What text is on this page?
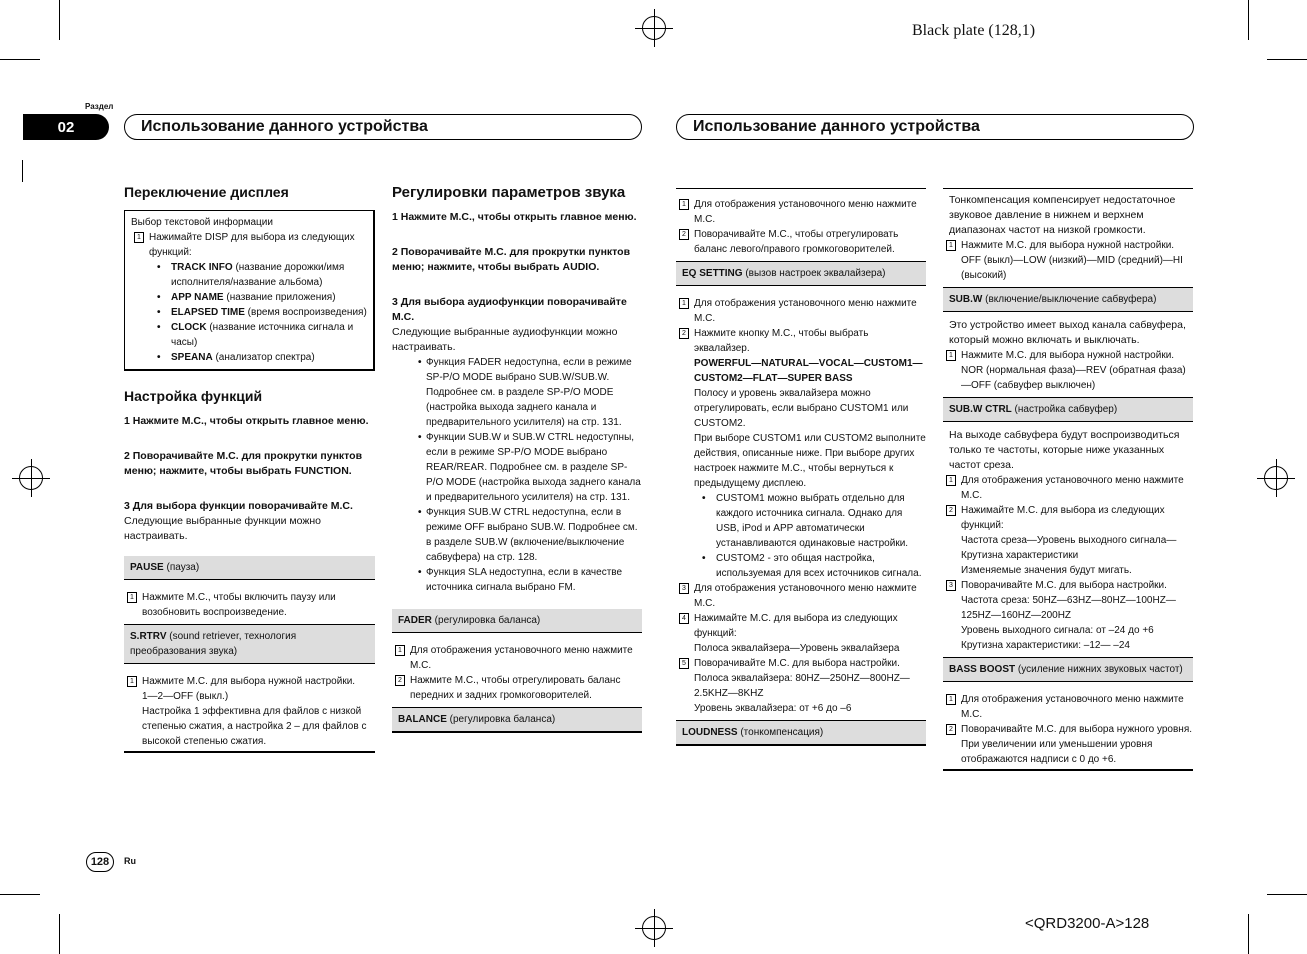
Black plate (128,1)
Раздел
02	Использование данного устройства	Использование данного устройства
Переключение дисплея
Выбор текстовой информации
1 Нажимайте DISP для выбора из следующих функций:
• TRACK INFO (название дорожки/имя исполнителя/название альбома)
• APP NAME (название приложения)
• ELAPSED TIME (время воспроизведения)
• CLOCK (название источника сигнала и часы)
• SPEANA (анализатор спектра)
Настройка функций
1 Нажмите M.C., чтобы открыть главное меню.
2 Поворачивайте M.C. для прокрутки пунктов меню; нажмите, чтобы выбрать FUNCTION.
3 Для выбора функции поворачивайте M.C.
Следующие выбранные функции можно настраивать.
PAUSE (пауза)
1 Нажмите M.C., чтобы включить паузу или возобновить воспроизведение.
S.RTRV (sound retriever, технология преобразования звука)
1 Нажмите M.C. для выбора нужной настройки.
1—2—OFF (выкл.)
Настройка 1 эффективна для файлов с низкой степенью сжатия, а настройка 2 – для файлов с высокой степенью сжатия.
Регулировки параметров звука
1 Нажмите M.C., чтобы открыть главное меню.
2 Поворачивайте M.C. для прокрутки пунктов меню; нажмите, чтобы выбрать AUDIO.
3 Для выбора аудиофункции поворачивайте M.C.
Следующие выбранные аудиофункции можно настраивать.
• Функция FADER недоступна, если в режиме SP-P/O MODE выбрано SUB.W/SUB.W. Подробнее см. в разделе SP-P/O MODE (настройка выхода заднего канала и предварительного усилителя) на стр. 131.
• Функции SUB.W и SUB.W CTRL недоступны, если в режиме SP-P/O MODE выбрано REAR/REAR. Подробнее см. в разделе SP-P/O MODE (настройка выхода заднего канала и предварительного усилителя) на стр. 131.
• Функция SUB.W CTRL недоступна, если в режиме OFF выбрано SUB.W. Подробнее см. в разделе SUB.W (включение/выключение сабвуфера) на стр. 128.
• Функция SLA недоступна, если в качестве источника сигнала выбрано FM.
FADER (регулировка баланса)
1 Для отображения установочного меню нажмите M.C.
2 Нажмите M.C., чтобы отрегулировать баланс передних и задних громкоговорителей.
BALANCE (регулировка баланса)
1 Для отображения установочного меню нажмите M.C.
2 Поворачивайте M.C., чтобы отрегулировать баланс левого/правого громкоговорителей.
EQ SETTING (вызов настроек эквалайзера)
1 Для отображения установочного меню нажмите M.C.
2 Нажмите кнопку M.C., чтобы выбрать эквалайзер.
POWERFUL—NATURAL—VOCAL—CUSTOM1—CUSTOM2—FLAT—SUPER BASS
Полосу и уровень эквалайзера можно отрегулировать, если выбрано CUSTOM1 или CUSTOM2.
При выборе CUSTOM1 или CUSTOM2 выполните действия, описанные ниже. При выборе других настроек нажмите M.C., чтобы вернуться к предыдущему дисплею.
• CUSTOM1 можно выбрать отдельно для каждого источника сигнала. Однако для USB, iPod и APP автоматически устанавливаются одинаковые настройки.
• CUSTOM2 - это общая настройка, используемая для всех источников сигнала.
3 Для отображения установочного меню нажмите M.C.
4 Нажимайте M.C. для выбора из следующих функций:
Полоса эквалайзера—Уровень эквалайзера
5 Поворачивайте M.C. для выбора настройки.
Полоса эквалайзера: 80HZ—250HZ—800HZ—2.5KHZ—8KHZ
Уровень эквалайзера: от +6 до –6
LOUDNESS (тонкомпенсация)
Тонкомпенсация компенсирует недостаточное звуковое давление в нижнем и верхнем диапазонах частот на низкой громкости.
1 Нажмите M.C. для выбора нужной настройки.
OFF (выкл)—LOW (низкий)—MID (средний)—HI (высокий)
SUB.W (включение/выключение сабвуфера)
Это устройство имеет выход канала сабвуфера, который можно включать и выключать.
1 Нажмите M.C. для выбора нужной настройки.
NOR (нормальная фаза)—REV (обратная фаза)—OFF (сабвуфер выключен)
SUB.W CTRL (настройка сабвуфер)
На выходе сабвуфера будут воспроизводиться только те частоты, которые ниже указанных частот среза.
1 Для отображения установочного меню нажмите M.C.
2 Нажимайте M.C. для выбора из следующих функций:
Частота среза—Уровень выходного сигнала—Крутизна характеристики
Изменяемые значения будут мигать.
3 Поворачивайте M.C. для выбора настройки.
Частота среза: 50HZ—63HZ—80HZ—100HZ—125HZ—160HZ—200HZ
Уровень выходного сигнала: от –24 до +6
Крутизна характеристики: –12— –24
BASS BOOST (усиление нижних звуковых частот)
1 Для отображения установочного меню нажмите M.C.
2 Поворачивайте M.C. для выбора нужного уровня.
При увеличении или уменьшении уровня отображаются надписи с 0 до +6.
128	Ru
<QRD3200-A>128
